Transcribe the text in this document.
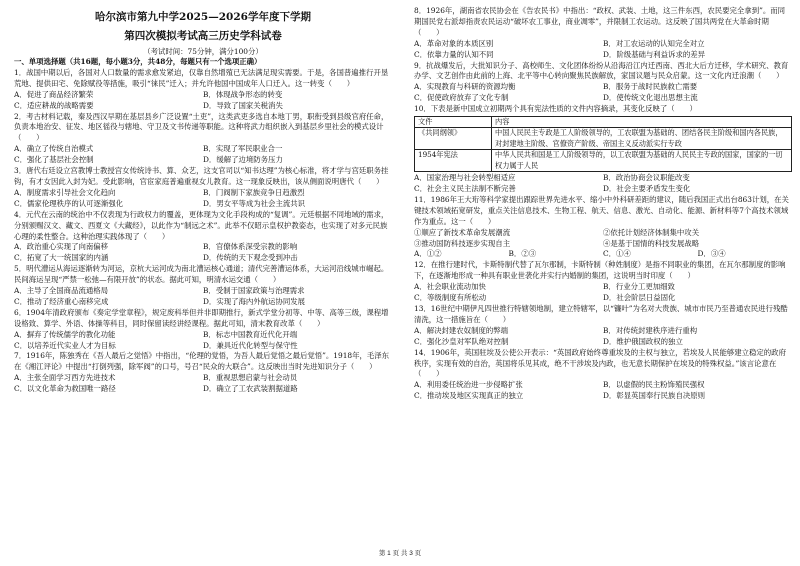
哈尔滨市第九中学2025—2026学年度下学期
第四次模拟考试高三历史学科试卷
（考试时间：75分钟，满分100分）
一、单项选择题（共16题，每小题3分，共48分，每题只有一个选项正确）

1．战国中期以后，各国对人口数量的需求愈发紧迫，仅靠自然增殖已无法满足现实需要。于是，各国普遍推行开垦荒地、提供田宅、免除赋役等措施，吸引“徕民”迁入；并允许他国中国成年人口迁入。这一转变（　　）

A．促进了商品经济繁荣	B．体现战争形态的转变
C．适应耕战的战略需要	D．导致了国家关税消失

2．考古材料记载，秦及西汉早期在基层县乡广泛设置“土吏”，这类武吏多选自本地丁男，职衔受到县级官府任命，负责本地治安、征发、地区徭役与辖地、守卫及文书传递等职能。这种将武力组织嵌入到基层乡里社会的模式设计（　　）

A．确立了传统自治模式	B．实现了军民职业合一
C．强化了基层社会控制	D．缓解了边境防务压力

3．唐代右廷设立宫教博士教授宫女传统诗书、算、众艺，这支官司以“知书达理”为核心标准，将才学与宫廷职务挂钩，有才女因此入封为妃。受此影响，官宦家庭普遍重视女儿教育。这一现象反映出，该从侧面说明唐代（　　）

A．制度需求引导社会文化趋向	B．门阀制下家族竞争日趋激烈
C．儒家伦理秩序的认可逐渐强化	D．男女平等成为社会主流共识

4．元代在云南的统治中不仅表现为行政权力的覆盖，更体现为文化手段构成的“复调”。元廷根据不同地域的需求，分别颁赐汉文、藏文、西夏文《大藏经》，以此作为“制远之术”。此举不仅昭示皇权护教姿态，也实现了对多元民族心理的柔性整合。这种治理实践体现了（　　）

A．政治重心实现了向南偏移	B．官僚体系深受宗教的影响
C．拓宽了大一统国家的内涵	D．传统的天下观念受到冲击

5．明代漕运从海运逐渐转为河运，京杭大运河成为南北漕运核心通道；清代完善漕运体系，大运河沿线城市崛起。民间海运呈现“严禁一松弛—有限开放”的状态。据此可知，明清水运交通（　　）

A．主导了全国商品流通格局	B．受制于国家政策与治理需求
C．推动了经济重心南移完成	D．实现了海内外航运协同发展

6．1904年清政府颁布《奏定学堂章程》，规定废科举但并非即期推行，新式学堂分初等、中等、高等三级，课程增设格致、算学、外语、体操等科目，同时保留读经讲经课程。据此可知，清末教育改革（　　）

A．摒弃了传统儒学的教化功能	B．标志中国教育近代化开端
C．以培养近代实业人才为目标	D．兼具近代化转型与保守性

7．1916年，陈独秀在《吾人最后之觉悟》中指出，“伦理的觉悟，为吾人最后觉悟之最后觉悟”。1918年，毛泽东在《湘江评论》中提出“打倒列强，除军阀”的口号，号召“民众的大联合”。这反映出当时先进知识分子（　　）

A．主张全面学习西方先进技术	B．重视思想启蒙与社会动员
C．以文化革命为救国唯一路径	D．确立了工农武装割据道路

8．1926年，湖南省农民协会在《告农民书》中指出：“政权、武装、土地，这三件东西，农民要完全拿到”。而同期国民党右派却指责农民运动“破坏农工事业，商业凋零”，并限制工农运动。这反映了国共两党在大革命时期（　　）

A．革命对象的本质区别	B．对工农运动的认知完全对立
C．依靠力量的认知不同	D．阶级基础与利益诉求的差异

9．抗战爆发后，大批知识分子、高校师生、文化团体纷纷从沿海沿江内迁西南、西北大后方迁移，学术研究、教育办学、文艺创作由此前的上海、北平等中心转向聚焦民族解放，家国议题与民众启蒙。这一文化内迁浪潮（　　）

A．实现教育与科研的资源均衡	B．服务于战时民族救亡需要
C．促使政府放弃了文化专制	D．使传统文化退出思想主流

10．下表是新中国成立初期两个具有宪法性质的文件内容摘录，其变化反映了（　　）

文件	内容
《共同纲领》	中国人民民主专政是工人阶级领导的，工农联盟为基础的、团结各民主阶级和国内各民族，对封建地主阶级、官僚资产阶级、帝国主义反动派实行专政
1954年宪法	中华人民共和国是工人阶级领导的，以工农联盟为基础的人民民主专政的国家，国家的一切权力属于人民
A．国家治理与社会转型相适应	B．政治协商会议职能改变
C．社会主义民主法制不断完善	D．社会主要矛盾发生变化

11．1986年王大珩等科学家提出跟踪世界先进水平、缩小中外科研差距的建议，随后我国正式出台863计划，在关键技术领域拓宽研发，重点关注信息技术、生物工程、航天、信息、激光、自动化、能源、新材料等7个高技术领域作为重点。这一（　　）

①顺应了新技术革命发展潮流	②依托计划经济体制集中攻关
③推动国防科技逐步实现自主	④是基于国情的科技发展战略
A．①②	B．②③	C．①④	D．③④

12．在推行建时代，卡斯特制代替了瓦尔那制，卡斯特制（种姓制度）是指不同职业的集团，在瓦尔那制度的影响下，在逐渐地形成一种具有职业世袭化并实行内婚制的集团，这说明当时印度（　　）

A．社会职业流动加快	B．行业分工更加细致
C．等级制度有所松动	D．社会阶层日益固化

13．16世纪中期伊凡四世推行特辖领地制，建立特辖军，以“镰叶”为名对大贵族、城市市民乃至普通农民进行残酷清洗，这一措施旨在（　　）

A．解决封建农奴制度的弊端	B．对传统封建秩序进行重构
C．强化沙皇对军队绝对控制	D．维护俄国政权的独立

14．1906年，英国驻埃及公使公开表示：“英国政府始终尊重埃及的主权与独立，若埃及人民能够建立稳定的政府秩序，实现有效的自治，英国将乐见其成，绝不干涉埃及内政，也无意长期保护在埃及的特殊权益。”该言论意在（　　）

A．利用委任统治进一步侵略扩张	B．以虚假的民主粉饰殖民强权
C．推动埃及地区实现真正的独立	D．彰显英国奉行民族自决原则
第 1 页 共 3 页
